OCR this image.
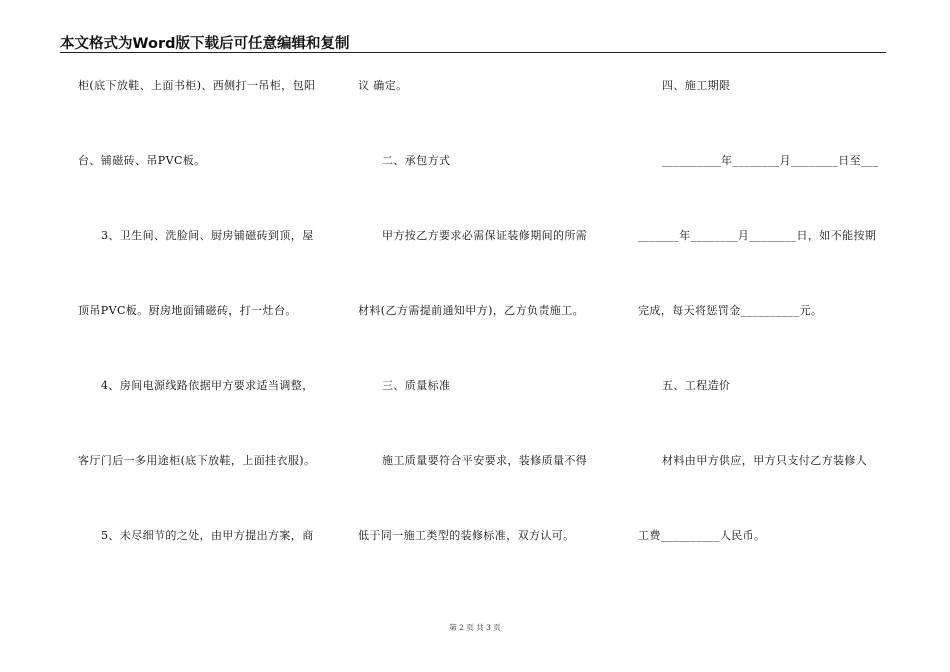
本文格式为Word版下载后可任意编辑和复制
柜(底下放鞋、上面书柜)、西侧打一吊柜，包阳
台、铺磁砖、吊PVC板。
3、卫生间、洗脸间、厨房铺磁砖到顶，屋
顶吊PVC板。厨房地面铺磁砖，打一灶台。
4、房间电源线路依据甲方要求适当调整，
客厅门后一多用途柜(底下放鞋，上面挂衣服)。
5、未尽细节的之处，由甲方提出方案，商
议 确定。
二、承包方式
甲方按乙方要求必需保证装修期间的所需
材料(乙方需提前通知甲方)，乙方负责施工。
三、质量标准
施工质量要符合平安要求，装修质量不得
低于同一施工类型的装修标准，双方认可。
四、施工期限
__________年________月________日至___
_______年________月________日，如不能按期
完成，每天将惩罚金__________元。
五、工程造价
材料由甲方供应，甲方只支付乙方装修人
工费__________人民币。
第 2 页 共 3 页
